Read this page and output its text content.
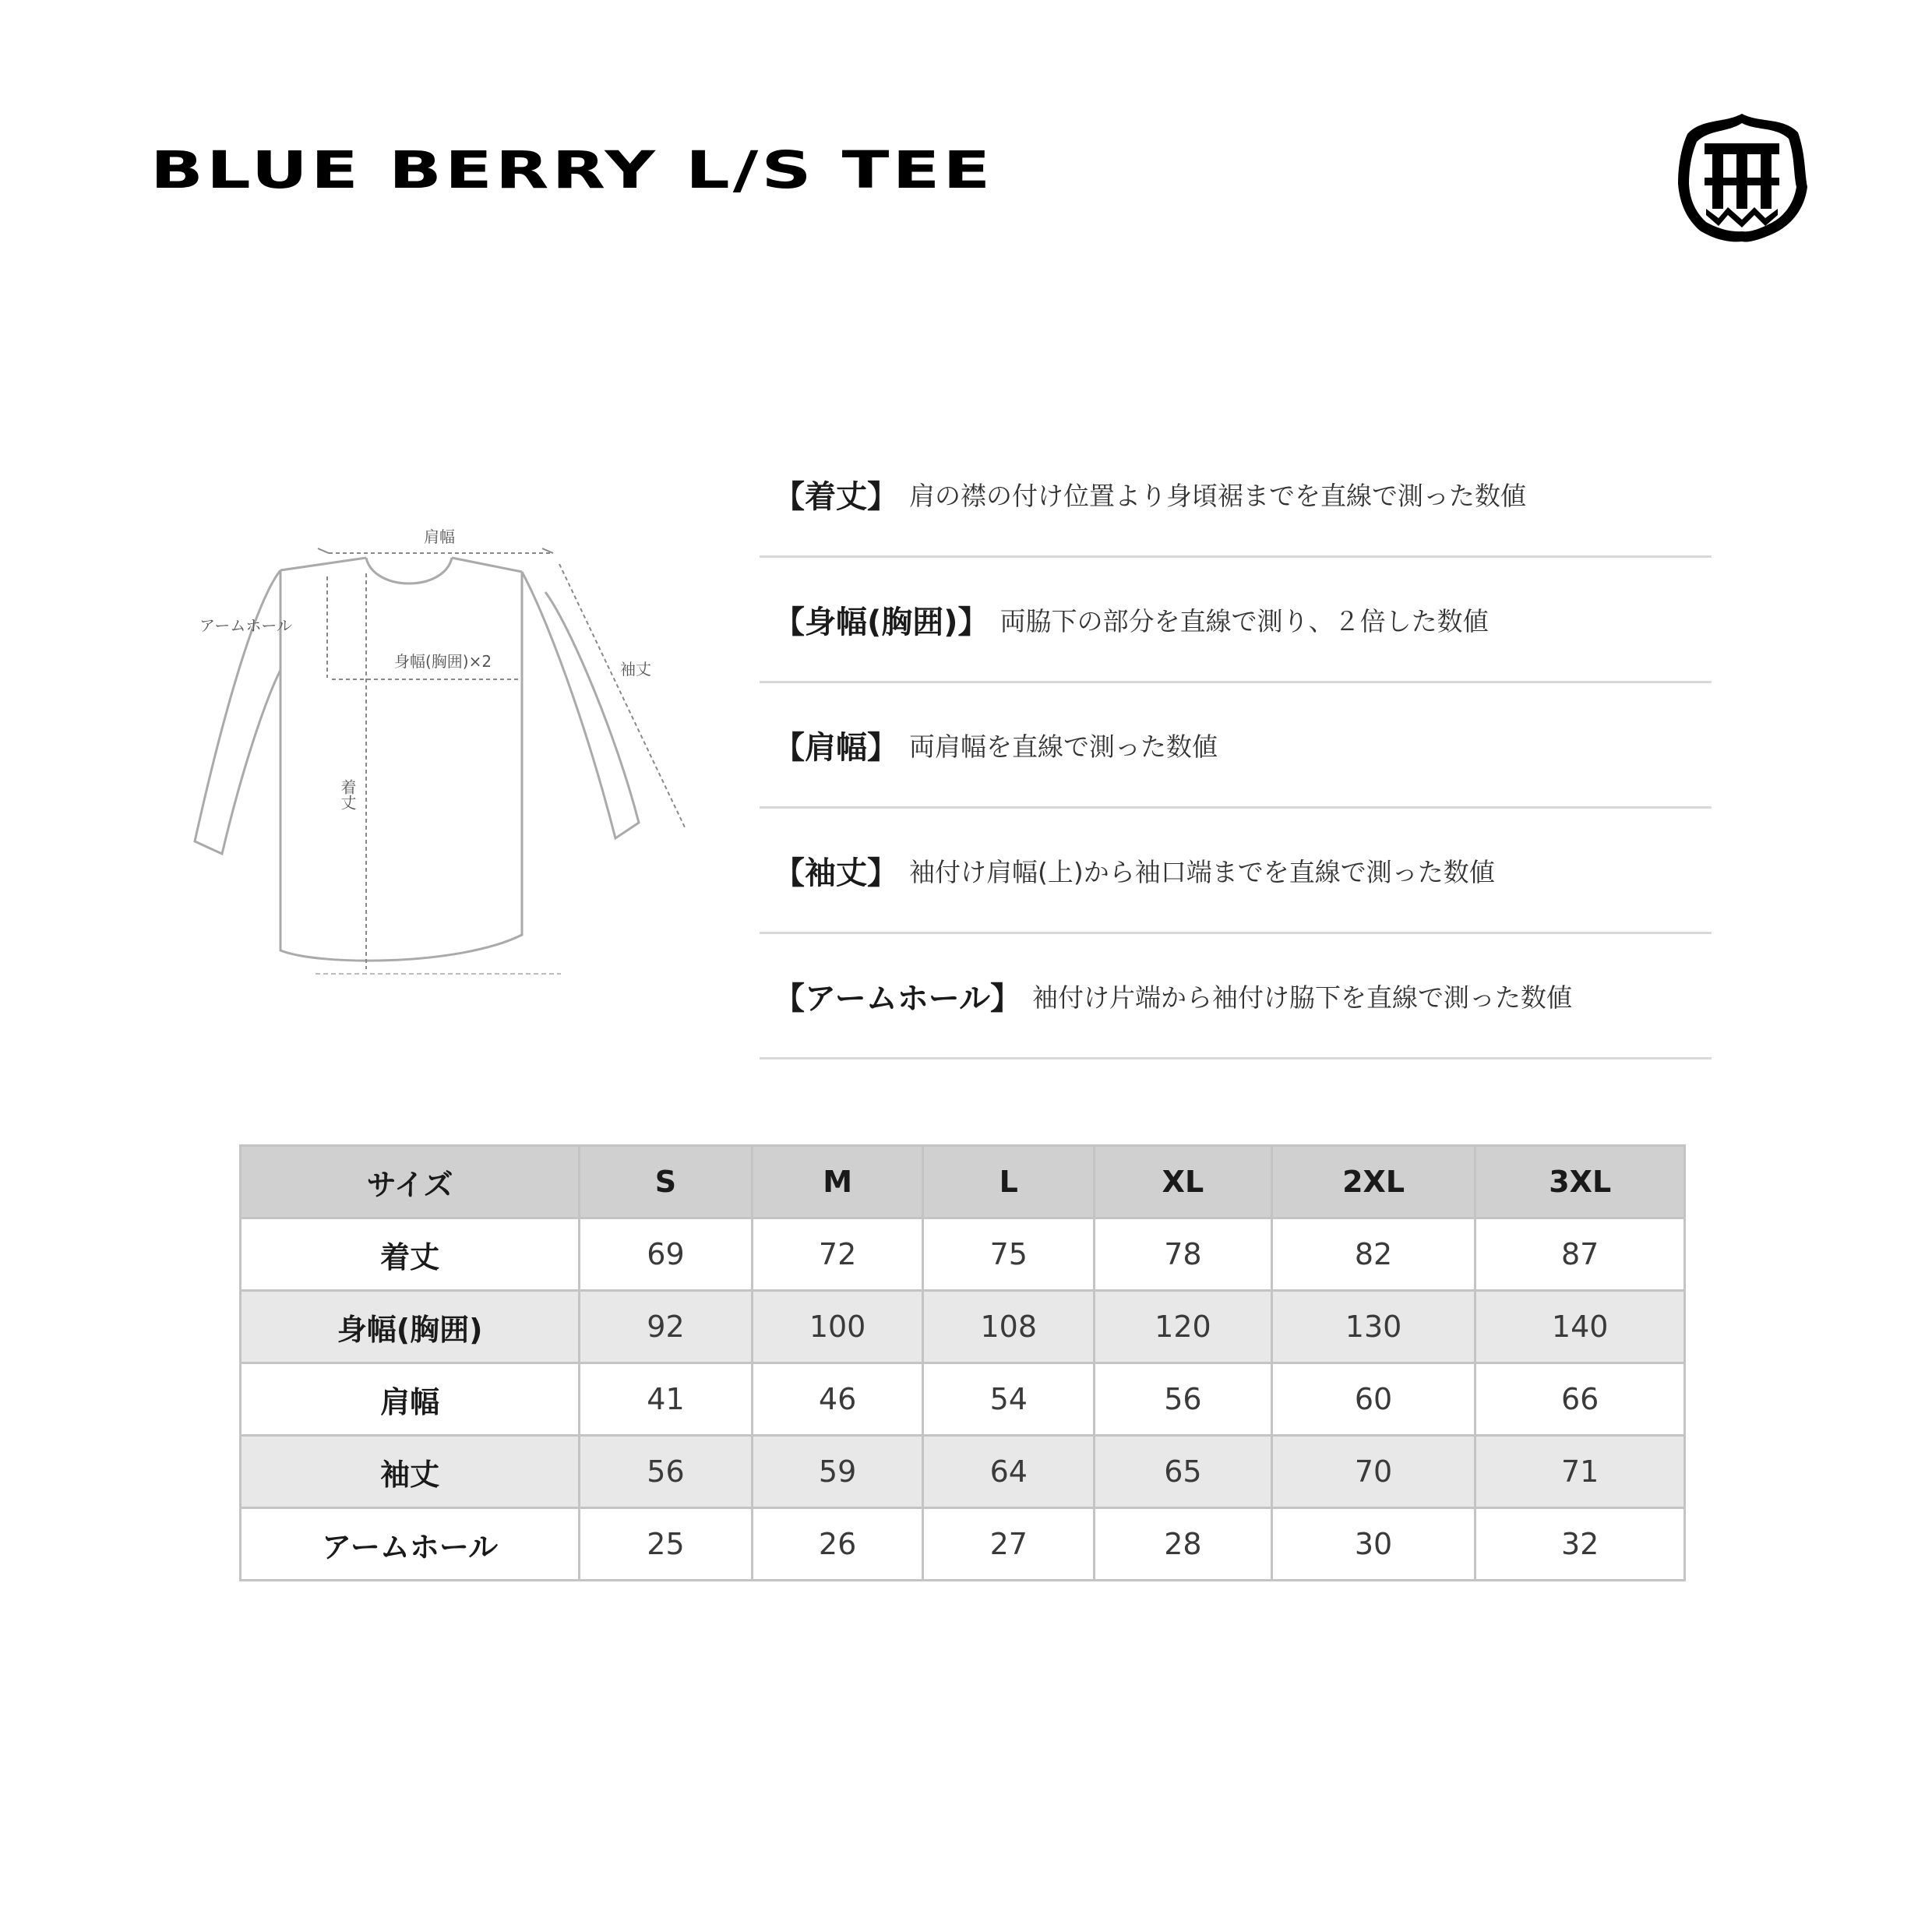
BLUE BERRY L/S TEE
肩幅
アームホール
身幅(胸囲)×2	袖丈
着丈
【着丈】 肩の襟の付け位置より身頃裾までを直線で測った数値
【身幅(胸囲)】 両脇下の部分を直線で測り、２倍した数値
【肩幅】 両肩幅を直線で測った数値
【袖丈】 袖付け肩幅(上)から袖口端までを直線で測った数値
【アームホール】 袖付け片端から袖付け脇下を直線で測った数値
サイズ	S	M	L	XL	2XL	3XL
着丈	69	72	75	78	82	87
身幅(胸囲)	92	100	108	120	130	140
肩幅	41	46	54	56	60	66
袖丈	56	59	64	65	70	71
アームホール	25	26	27	28	30	32
